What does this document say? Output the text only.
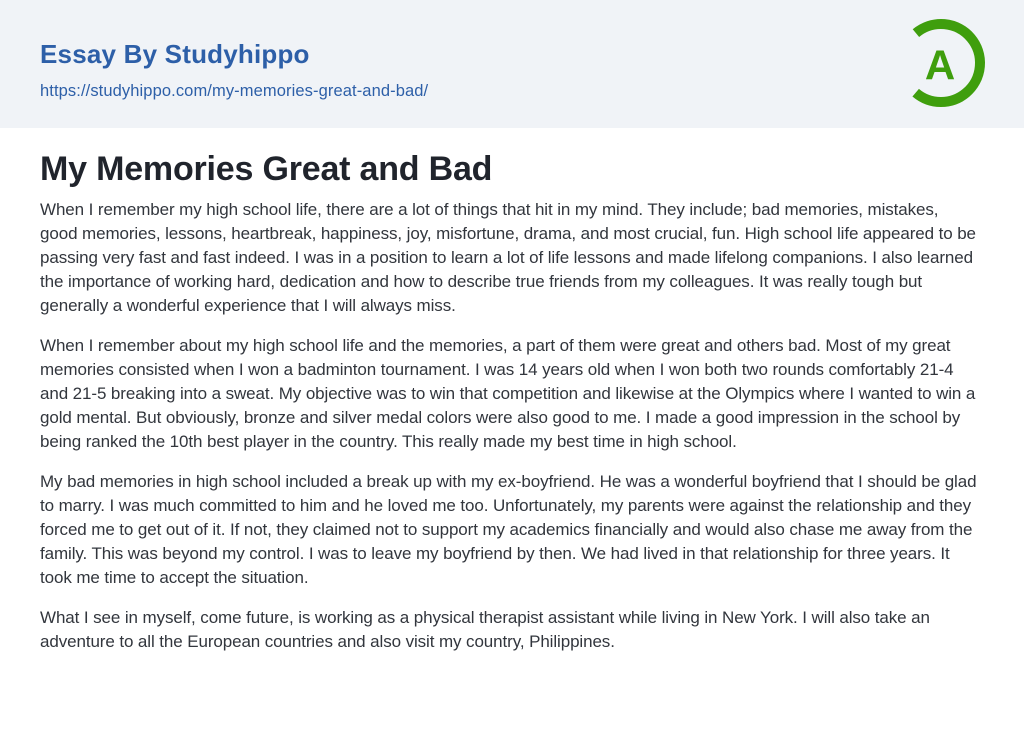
Essay By Studyhippo
https://studyhippo.com/my-memories-great-and-bad/
A
My Memories Great and Bad

When I remember my high school life, there are a lot of things that hit in my mind. They include; bad memories, mistakes, good memories, lessons, heartbreak, happiness, joy, misfortune, drama, and most crucial, fun. High school life appeared to be passing very fast and fast indeed. I was in a position to learn a lot of life lessons and made lifelong companions. I also learned the importance of working hard, dedication and how to describe true friends from my colleagues. It was really tough but generally a wonderful experience that I will always miss.

When I remember about my high school life and the memories, a part of them were great and others bad. Most of my great memories consisted when I won a badminton tournament. I was 14 years old when I won both two rounds comfortably 21-4 and 21-5 breaking into a sweat. My objective was to win that competition and likewise at the Olympics where I wanted to win a gold mental. But obviously, bronze and silver medal colors were also good to me. I made a good impression in the school by being ranked the 10th best player in the country. This really made my best time in high school.

My bad memories in high school included a break up with my ex-boyfriend. He was a wonderful boyfriend that I should be glad to marry. I was much committed to him and he loved me too. Unfortunately, my parents were against the relationship and they forced me to get out of it. If not, they claimed not to support my academics financially and would also chase me away from the family. This was beyond my control. I was to leave my boyfriend by then. We had lived in that relationship for three years. It took me time to accept the situation.

What I see in myself, come future, is working as a physical therapist assistant while living in New York. I will also take an adventure to all the European countries and also visit my country, Philippines.
